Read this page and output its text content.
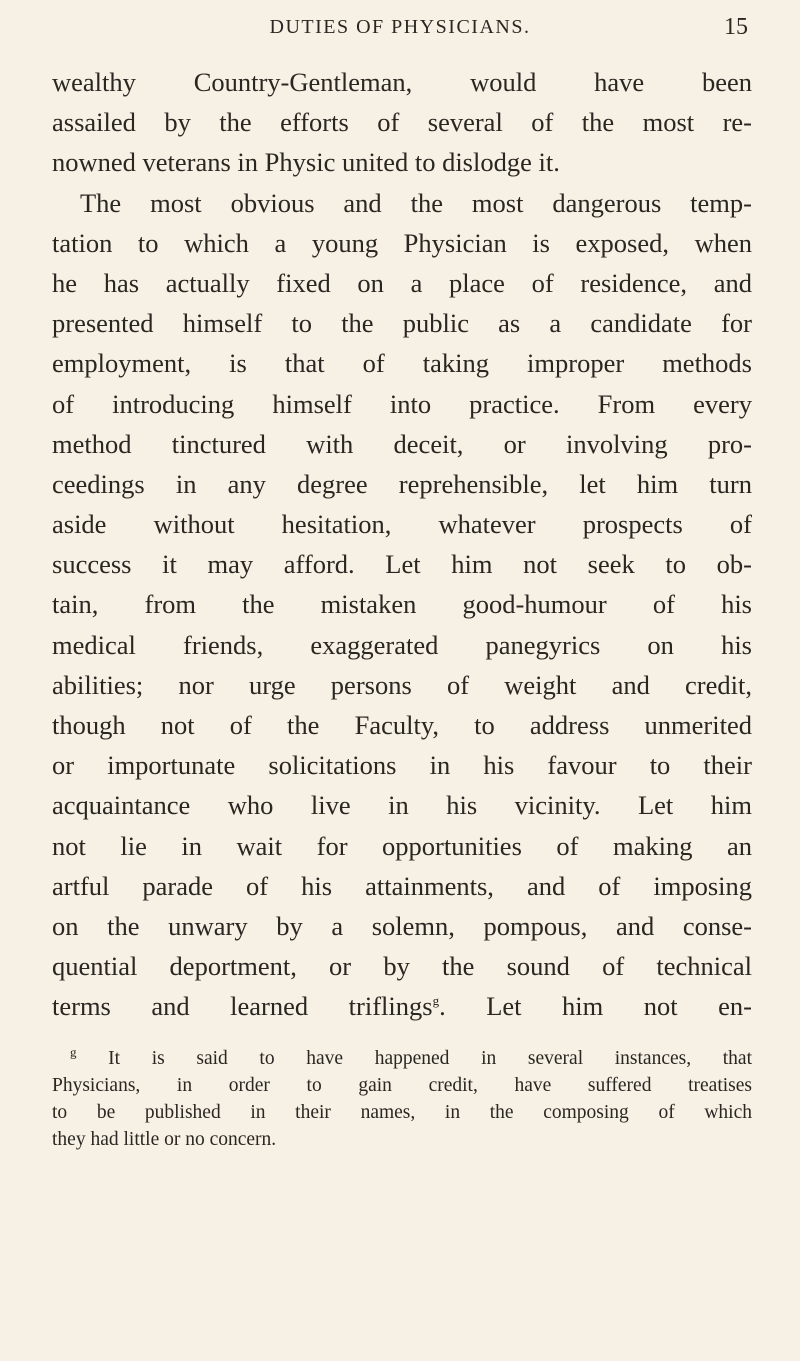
DUTIES OF PHYSICIANS.	15
wealthy Country-Gentleman, would have been
assailed by the efforts of several of the most re-
nowned veterans in Physic united to dislodge it.
The most obvious and the most dangerous temp-
tation to which a young Physician is exposed, when
he has actually fixed on a place of residence, and
presented himself to the public as a candidate for
employment, is that of taking improper methods
of introducing himself into practice. From every
method tinctured with deceit, or involving pro-
ceedings in any degree reprehensible, let him turn
aside without hesitation, whatever prospects of
success it may afford. Let him not seek to ob-
tain, from the mistaken good-humour of his
medical friends, exaggerated panegyrics on his
abilities; nor urge persons of weight and credit,
though not of the Faculty, to address unmerited
or importunate solicitations in his favour to their
acquaintance who live in his vicinity. Let him
not lie in wait for opportunities of making an
artful parade of his attainments, and of imposing
on the unwary by a solemn, pompous, and conse-
quential deportment, or by the sound of technical
terms and learned triflings$^g$. Let him not en-
$^g$ It is said to have happened in several instances, that
Physicians, in order to gain credit, have suffered treatises
to be published in their names, in the composing of which
they had little or no concern.
